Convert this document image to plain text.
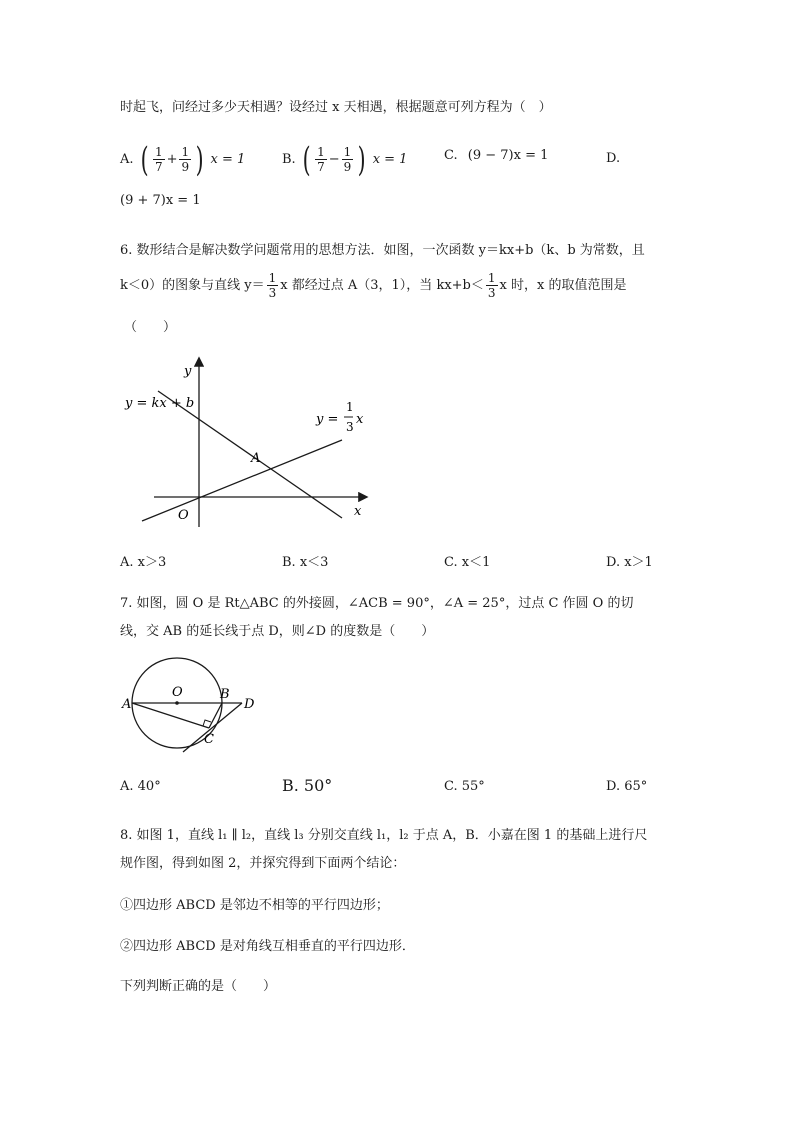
时起飞，问经过多少天相遇？设经过 x 天相遇，根据题意可列方程为（　）
A. ( $\frac{1}{7} + \frac{1}{9}$ ) x = 1	B. ( $\frac{1}{7} - \frac{1}{9}$ ) x = 1	C. (9 − 7)x = 1	D.
(9 + 7)x = 1
6. 数形结合是解决数学问题常用的思想方法．如图，一次函数 y＝kx+b（k、b 为常数，且
k＜0）的图象与直线 $y= \frac{1}{3}$ x 都经过点 A（3，1），当 $kx+b< \frac{1}{3}$ x 时，x 的取值范围是
（　　）
y = kx + b
y =
1
3 x
y
x
O
A
A. x＞3	B. x＜3	C. x＜1	D. x＞1
7. 如图，圆 O 是 Rt△ABC 的外接圆，∠ACB = 90°，∠A = 25°，过点 C 作圆 O 的切
线，交 AB 的延长线于点 D，则∠D 的度数是（　　）
A
O	B
D
C
A. 40°	B. 50°	C. 55°	D. 65°
8. 如图 1，直线 l₁ ∥ l₂，直线 l₃ 分别交直线 l₁，l₂ 于点 A，B．小嘉在图 1 的基础上进行尺
规作图，得到如图 2，并探究得到下面两个结论：
①四边形 ABCD 是邻边不相等的平行四边形；
②四边形 ABCD 是对角线互相垂直的平行四边形．
下列判断正确的是（　　）
